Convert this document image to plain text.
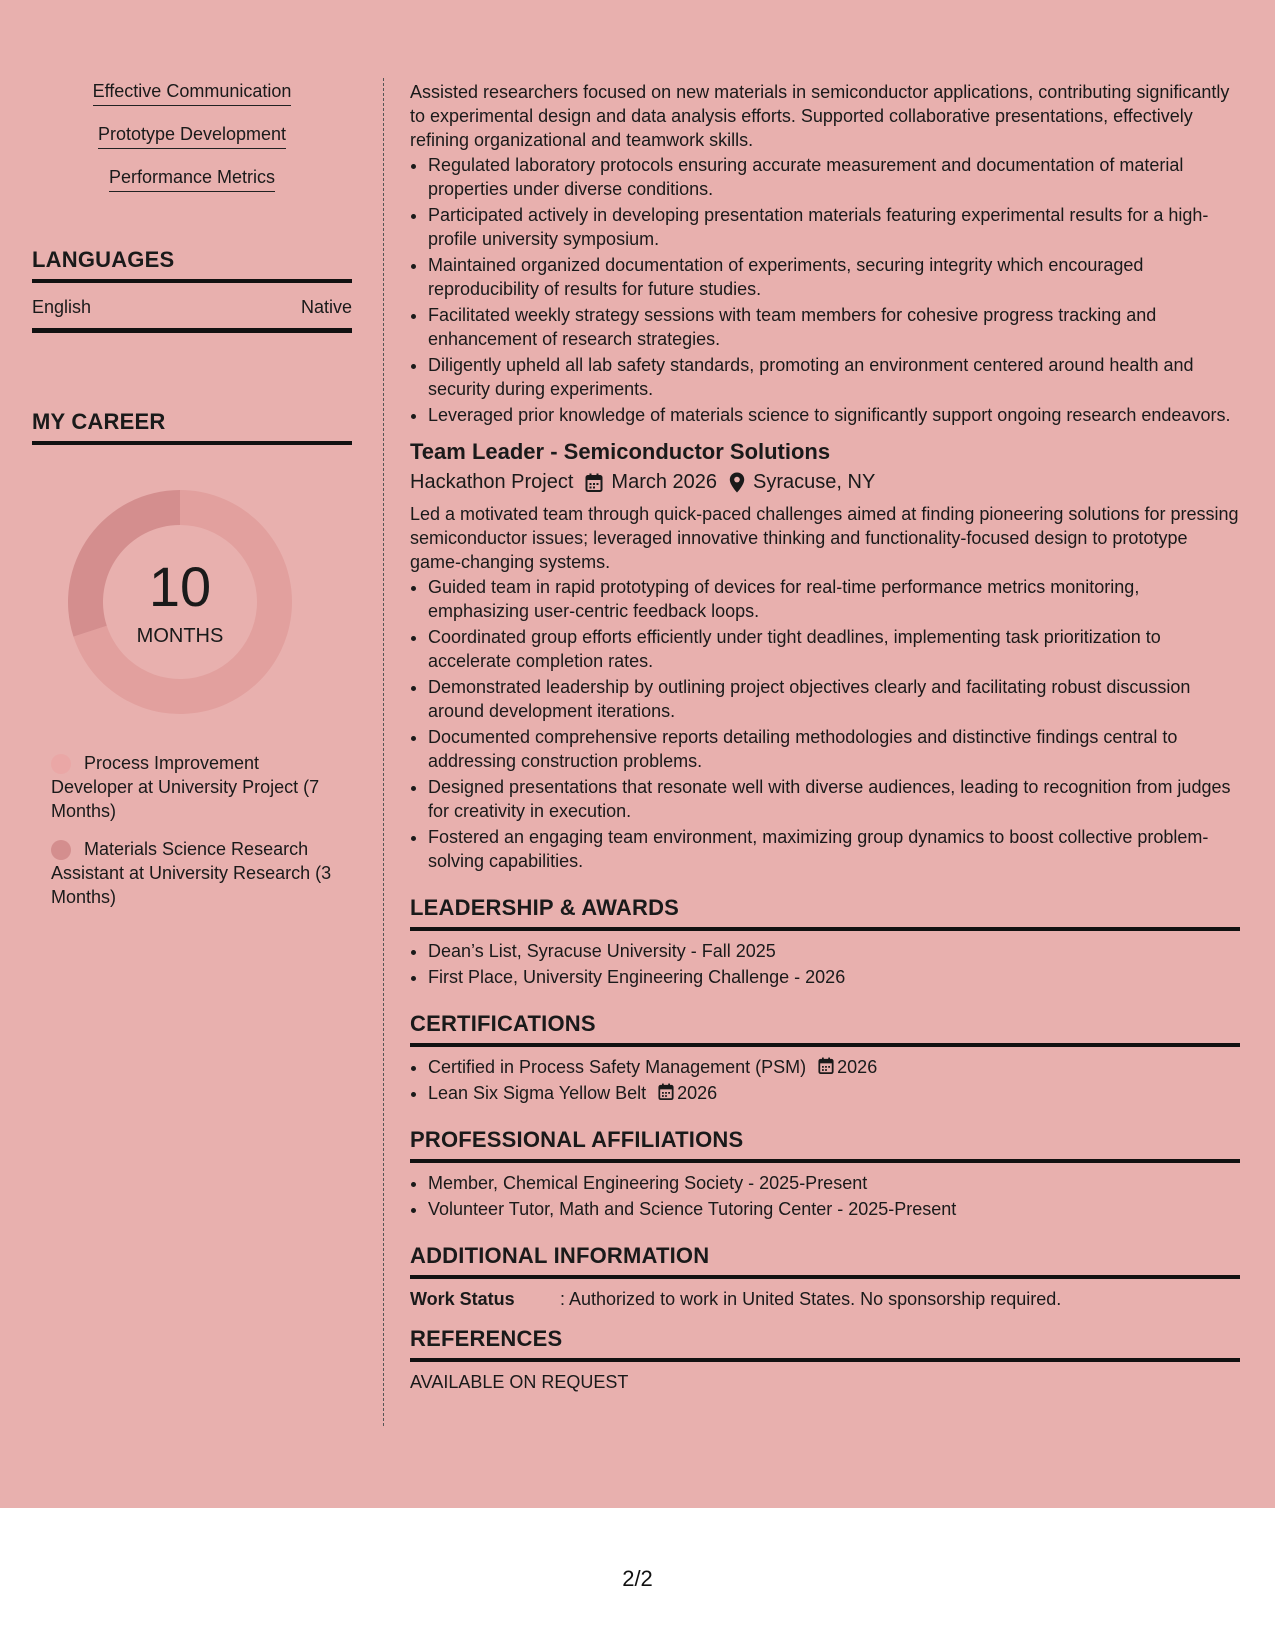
Effective Communication
Prototype Development
Performance Metrics
LANGUAGES
English	Native
MY CAREER
10
MONTHS
Process Improvement Developer at University Project (7 Months)
Materials Science Research Assistant at University Research (3 Months)

Assisted researchers focused on new materials in semiconductor applications, contributing significantly to experimental design and data analysis efforts. Supported collaborative presentations, effectively refining organizational and teamwork skills.

• Regulated laboratory protocols ensuring accurate measurement and documentation of material properties under diverse conditions.
• Participated actively in developing presentation materials featuring experimental results for a high-profile university symposium.
• Maintained organized documentation of experiments, securing integrity which encouraged reproducibility of results for future studies.
• Facilitated weekly strategy sessions with team members for cohesive progress tracking and enhancement of research strategies.
• Diligently upheld all lab safety standards, promoting an environment centered around health and security during experiments.
• Leveraged prior knowledge of materials science to significantly support ongoing research endeavors.
Team Leader - Semiconductor Solutions
Hackathon Project March 2026 Syracuse, NY

Led a motivated team through quick-paced challenges aimed at finding pioneering solutions for pressing semiconductor issues; leveraged innovative thinking and functionality-focused design to prototype game-changing systems.

• Guided team in rapid prototyping of devices for real-time performance metrics monitoring, emphasizing user-centric feedback loops.
• Coordinated group efforts efficiently under tight deadlines, implementing task prioritization to accelerate completion rates.
• Demonstrated leadership by outlining project objectives clearly and facilitating robust discussion around development iterations.
• Documented comprehensive reports detailing methodologies and distinctive findings central to addressing construction problems.
• Designed presentations that resonate well with diverse audiences, leading to recognition from judges for creativity in execution.
• Fostered an engaging team environment, maximizing group dynamics to boost collective problem-solving capabilities.
LEADERSHIP & AWARDS
• Dean’s List, Syracuse University - Fall 2025
• First Place, University Engineering Challenge - 2026
CERTIFICATIONS
• Certified in Process Safety Management (PSM) 2026
• Lean Six Sigma Yellow Belt 2026
PROFESSIONAL AFFILIATIONS
• Member, Chemical Engineering Society - 2025-Present
• Volunteer Tutor, Math and Science Tutoring Center - 2025-Present
ADDITIONAL INFORMATION
Work Status	: Authorized to work in United States. No sponsorship required.
REFERENCES
AVAILABLE ON REQUEST
2/2
